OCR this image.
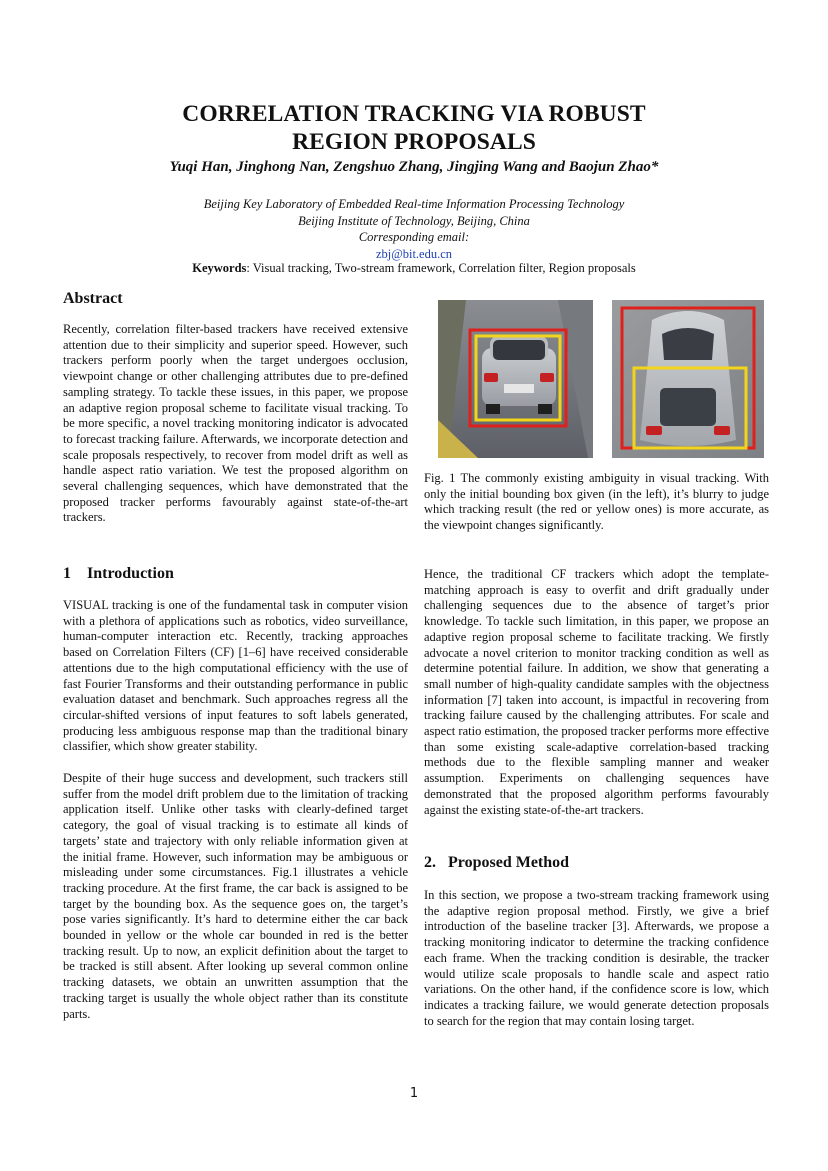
CORRELATION TRACKING VIA ROBUST
REGION PROPOSALS
Yuqi Han, Jinghong Nan, Zengshuo Zhang, Jingjing Wang and Baojun Zhao*
Beijing Key Laboratory of Embedded Real-time Information Processing Technology
Beijing Institute of Technology, Beijing, China
Corresponding email:
zbj@bit.edu.cn
Keywords: Visual tracking, Two-stream framework, Correlation filter, Region proposals
Abstract

Recently, correlation filter-based trackers have received extensive attention due to their simplicity and superior speed. However, such trackers perform poorly when the target undergoes occlusion, viewpoint change or other challenging attributes due to pre-defined sampling strategy. To tackle these issues, in this paper, we propose an adaptive region proposal scheme to facilitate visual tracking. To be more specific, a novel tracking monitoring indicator is advocated to forecast tracking failure. Afterwards, we incorporate detection and scale proposals respectively, to recover from model drift as well as handle aspect ratio variation. We test the proposed algorithm on several challenging sequences, which have demonstrated that the proposed tracker performs favourably against state-of-the-art trackers.

Fig. 1 The commonly existing ambiguity in visual tracking. With only the initial bounding box given (in the left), it’s blurry to judge which tracking result (the red or yellow ones) is more accurate, as the viewpoint changes significantly.
1 Introduction

VISUAL tracking is one of the fundamental task in computer vision with a plethora of applications such as robotics, video surveillance, human-computer interaction etc. Recently, tracking approaches based on Correlation Filters (CF) [1–6] have received considerable attentions due to the high computational efficiency with the use of fast Fourier Transforms and their outstanding performance in public evaluation dataset and benchmark. Such approaches regress all the circular-shifted versions of input features to soft labels generated, producing less ambiguous response map than the traditional binary classifier, which show greater stability.

Despite of their huge success and development, such trackers still suffer from the model drift problem due to the limitation of tracking application itself. Unlike other tasks with clearly-defined target category, the goal of visual tracking is to estimate all kinds of targets’ state and trajectory with only reliable information given at the initial frame. However, such information may be ambiguous or misleading under some circumstances. Fig.1 illustrates a vehicle tracking procedure. At the first frame, the car back is assigned to be target by the bounding box. As the sequence goes on, the target’s pose varies significantly. It’s hard to determine either the car back bounded in yellow or the whole car bounded in red is the better tracking result. Up to now, an explicit definition about the target to be tracked is still absent. After looking up several common online tracking datasets, we obtain an unwritten assumption that the tracking target is usually the whole object rather than its constitute parts.

Hence, the traditional CF trackers which adopt the template-matching approach is easy to overfit and drift gradually under challenging sequences due to the absence of target’s prior knowledge. To tackle such limitation, in this paper, we propose an adaptive region proposal scheme to facilitate tracking. We firstly advocate a novel criterion to monitor tracking condition as well as determine potential failure. In addition, we show that generating a small number of high-quality candidate samples with the objectness information [7] taken into account, is impactful in recovering from tracking failure caused by the challenging attributes. For scale and aspect ratio estimation, the proposed tracker performs more effective than some existing scale-adaptive correlation-based tracking methods due to the flexible sampling manner and weaker assumption. Experiments on challenging sequences have demonstrated that the proposed algorithm performs favourably against the existing state-of-the-art trackers.

2. Proposed Method

In this section, we propose a two-stream tracking framework using the adaptive region proposal method. Firstly, we give a brief introduction of the baseline tracker [3]. Afterwards, we propose a tracking monitoring indicator to determine the tracking confidence each frame. When the tracking condition is desirable, the tracker would utilize scale proposals to handle scale and aspect ratio variations. On the other hand, if the confidence score is low, which indicates a tracking failure, we would generate detection proposals to search for the region that may contain losing target.

1
